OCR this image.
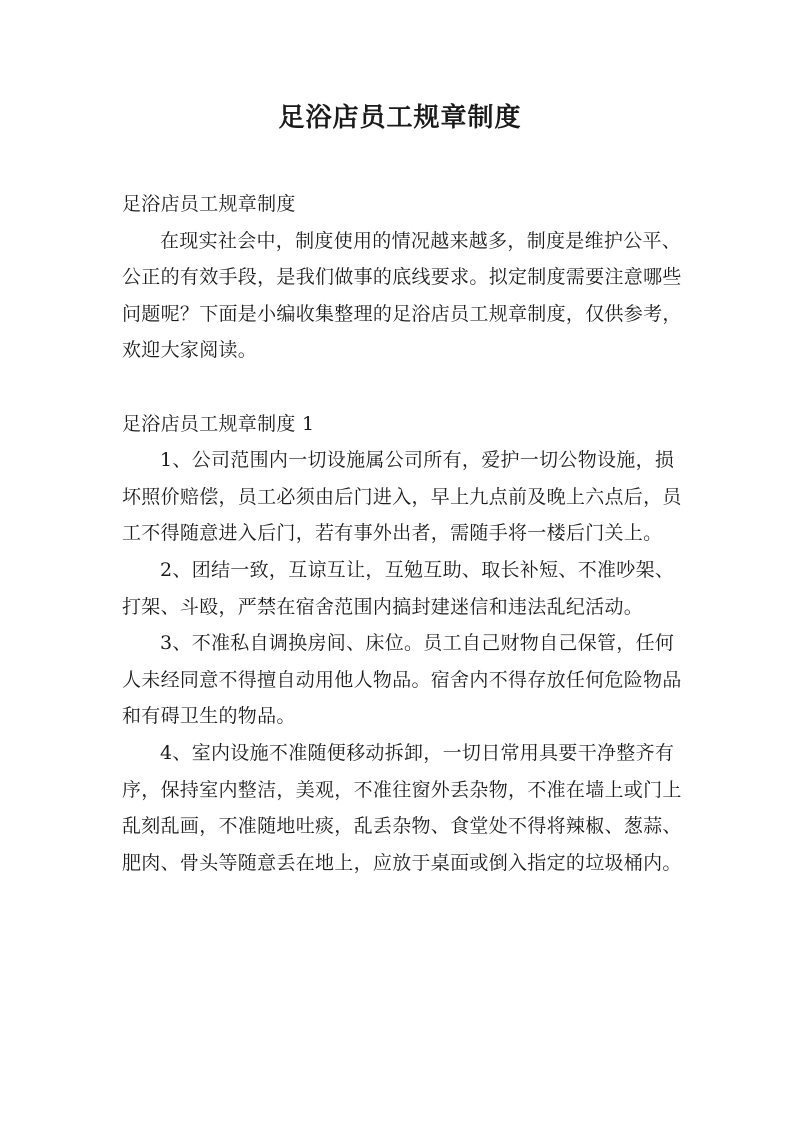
足浴店员工规章制度

足浴店员工规章制度

在现实社会中，制度使用的情况越来越多，制度是维护公平、公正的有效手段，是我们做事的底线要求。拟定制度需要注意哪些问题呢？下面是小编收集整理的足浴店员工规章制度，仅供参考，欢迎大家阅读。

足浴店员工规章制度 1

1、公司范围内一切设施属公司所有，爱护一切公物设施，损坏照价赔偿，员工必须由后门进入，早上九点前及晚上六点后，员工不得随意进入后门，若有事外出者，需随手将一楼后门关上。

2、团结一致，互谅互让，互勉互助、取长补短、不准吵架、打架、斗殴，严禁在宿舍范围内搞封建迷信和违法乱纪活动。

3、不准私自调换房间、床位。员工自己财物自己保管，任何人未经同意不得擅自动用他人物品。宿舍内不得存放任何危险物品和有碍卫生的物品。

4、室内设施不准随便移动拆卸，一切日常用具要干净整齐有序，保持室内整洁，美观，不准往窗外丢杂物，不准在墙上或门上乱刻乱画，不准随地吐痰，乱丢杂物、食堂处不得将辣椒、葱蒜、肥肉、骨头等随意丢在地上，应放于桌面或倒入指定的垃圾桶内。
